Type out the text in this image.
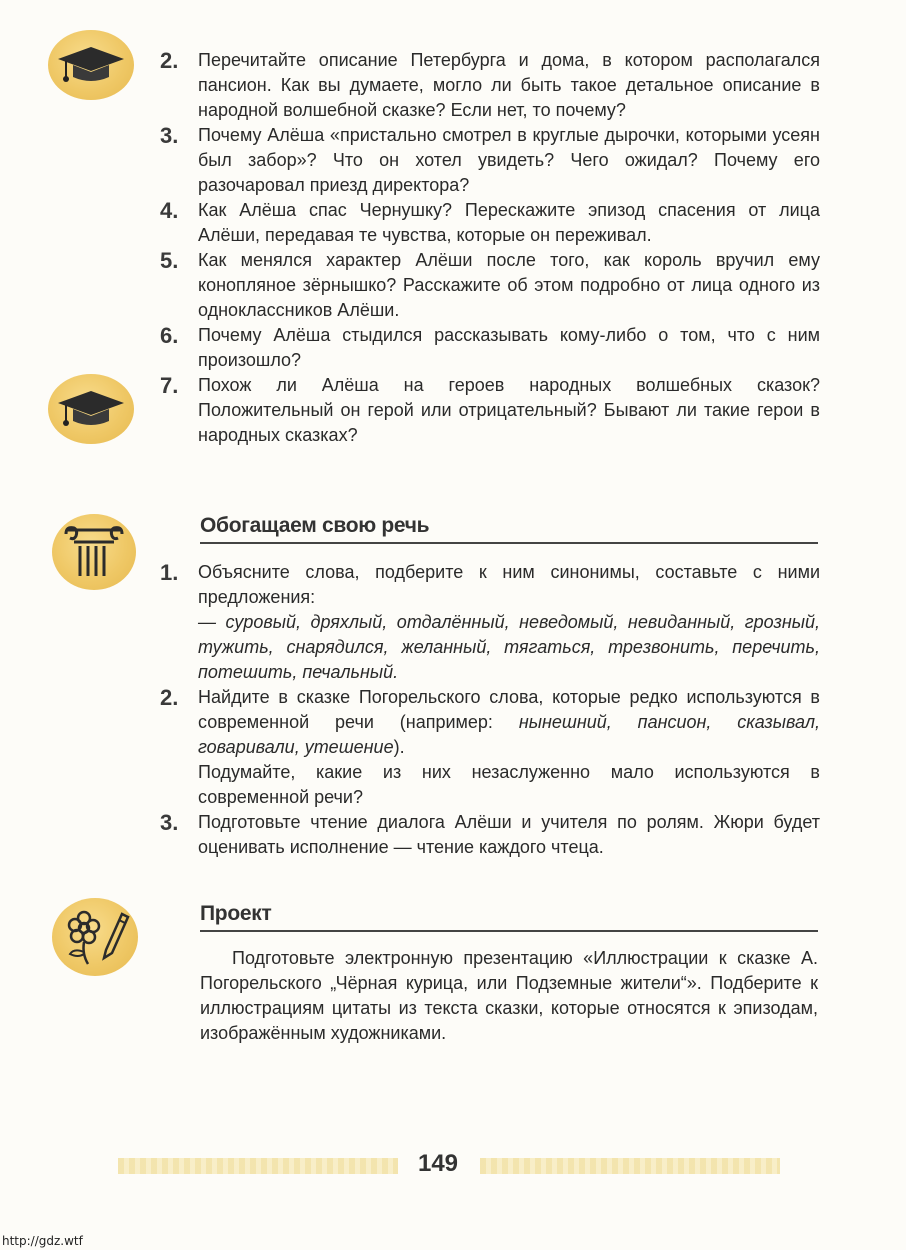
2. Перечитайте описание Петербурга и дома, в котором располагался пансион. Как вы думаете, могло ли быть такое детальное описание в народной волшебной сказке? Если нет, то почему?
3. Почему Алёша «пристально смотрел в круглые дырочки, которыми усеян был забор»? Что он хотел увидеть? Чего ожидал? Почему его разочаровал приезд директора?
4. Как Алёша спас Чернушку? Перескажите эпизод спасения от лица Алёши, передавая те чувства, которые он переживал.
5. Как менялся характер Алёши после того, как король вручил ему конопляное зёрнышко? Расскажите об этом подробно от лица одного из одноклассников Алёши.
6. Почему Алёша стыдился рассказывать кому-либо о том, что с ним произошло?
7. Похож ли Алёша на героев народных волшебных сказок? Положительный он герой или отрицательный? Бывают ли такие герои в народных сказках?
Обогащаем свою речь
1. Объясните слова, подберите к ним синонимы, составьте с ними предложения:
— суровый, дряхлый, отдалённый, неведомый, невиданный, грозный, тужить, снарядился, желанный, тягаться, трезвонить, перечить, потешить, печальный.
2. Найдите в сказке Погорельского слова, которые редко используются в современной речи (например: нынешний, пансион, сказывал, говаривали, утешение).
Подумайте, какие из них незаслуженно мало используются в современной речи?
3. Подготовьте чтение диалога Алёши и учителя по ролям. Жюри будет оценивать исполнение — чтение каждого чтеца.
Проект

Подготовьте электронную презентацию «Иллюстрации к сказке А. Погорельского „Чёрная курица, или Подземные жители“». Подберите к иллюстрациям цитаты из текста сказки, которые относятся к эпизодам, изображённым художниками.

149
http://gdz.wtf
